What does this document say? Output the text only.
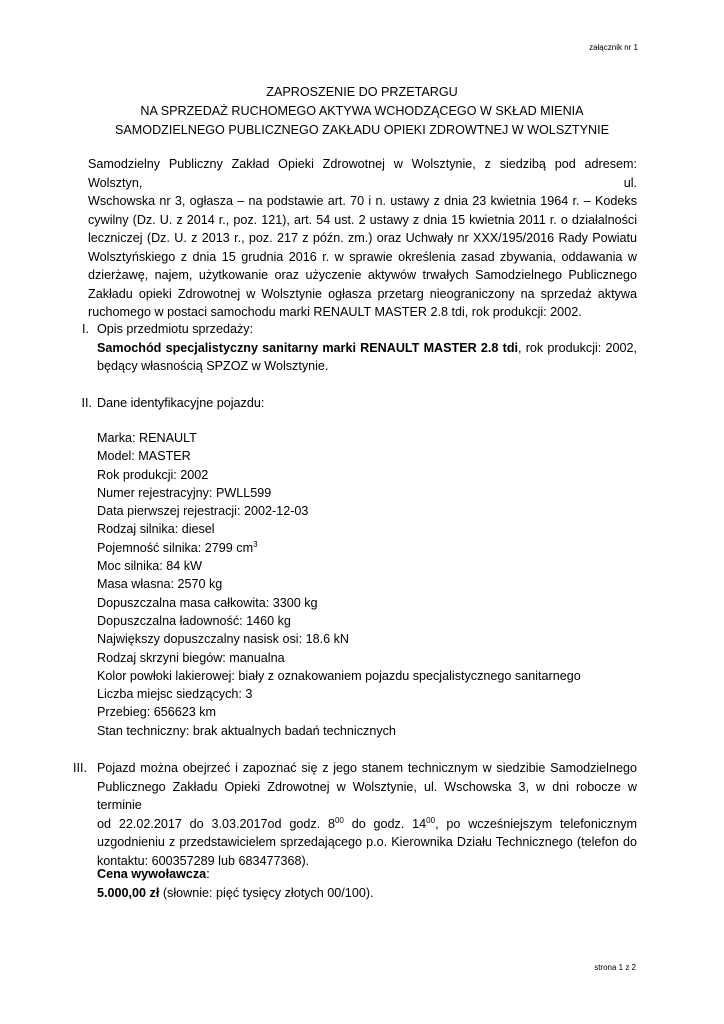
załącznik nr 1
ZAPROSZENIE DO PRZETARGU
NA SPRZEDAŻ RUCHOMEGO AKTYWA WCHODZĄCEGO W SKŁAD MIENIA
SAMODZIELNEGO PUBLICZNEGO ZAKŁADU OPIEKI ZDROWTNEJ W WOLSZTYNIE
Samodzielny Publiczny Zakład Opieki Zdrowotnej w Wolsztynie, z siedzibą pod adresem: Wolsztyn, ul.
Wschowska nr 3, ogłasza – na podstawie art. 70 i n. ustawy z dnia 23 kwietnia 1964 r. – Kodeks
cywilny (Dz. U. z 2014 r., poz. 121), art. 54 ust. 2 ustawy z dnia 15 kwietnia 2011 r. o działalności
leczniczej (Dz. U. z 2013 r., poz. 217 z późn. zm.) oraz Uchwały nr XXX/195/2016 Rady Powiatu
Wolsztyńskiego z dnia 15 grudnia 2016 r. w sprawie określenia zasad zbywania, oddawania w
dzierżawę, najem, użytkowanie oraz użyczenie aktywów trwałych Samodzielnego Publicznego
Zakładu opieki Zdrowotnej w Wolsztynie ogłasza przetarg nieograniczony na sprzedaż aktywa
ruchomego w postaci samochodu marki RENAULT MASTER 2.8 tdi, rok produkcji: 2002.
I. Opis przedmiotu sprzedaży:
Samochód specjalistyczny sanitarny marki RENAULT MASTER 2.8 tdi, rok produkcji: 2002,
będący własnością SPZOZ w Wolsztynie.
II. Dane identyfikacyjne pojazdu:
Marka: RENAULT
Model: MASTER
Rok produkcji: 2002
Numer rejestracyjny: PWLL599
Data pierwszej rejestracji: 2002-12-03
Rodzaj silnika: diesel
Pojemność silnika: 2799 $cm^3$
Moc silnika: 84 kW
Masa własna: 2570 kg
Dopuszczalna masa całkowita: 3300 kg
Dopuszczalna ładowność: 1460 kg
Największy dopuszczalny nasisk osi: 18.6 kN
Rodzaj skrzyni biegów: manualna
Kolor powłoki lakierowej: biały z oznakowaniem pojazdu specjalistycznego sanitarnego
Liczba miejsc siedzących: 3
Przebieg: 656623 km
Stan techniczny: brak aktualnych badań technicznych
III. Pojazd można obejrzeć i zapoznać się z jego stanem technicznym w siedzibie Samodzielnego
Publicznego Zakładu Opieki Zdrowotnej w Wolsztynie, ul. Wschowska 3, w dni robocze w terminie
od 22.02.2017 do 3.03.2017od godz. $8^{00}$ do godz. $14^{00}$, po wcześniejszym telefonicznym
uzgodnieniu z przedstawicielem sprzedającego p.o. Kierownika Działu Technicznego (telefon do
kontaktu: 600357289 lub 683477368).
Cena wywoławcza:
5.000,00 zł (słownie: pięć tysięcy złotych 00/100).
strona 1 z 2
